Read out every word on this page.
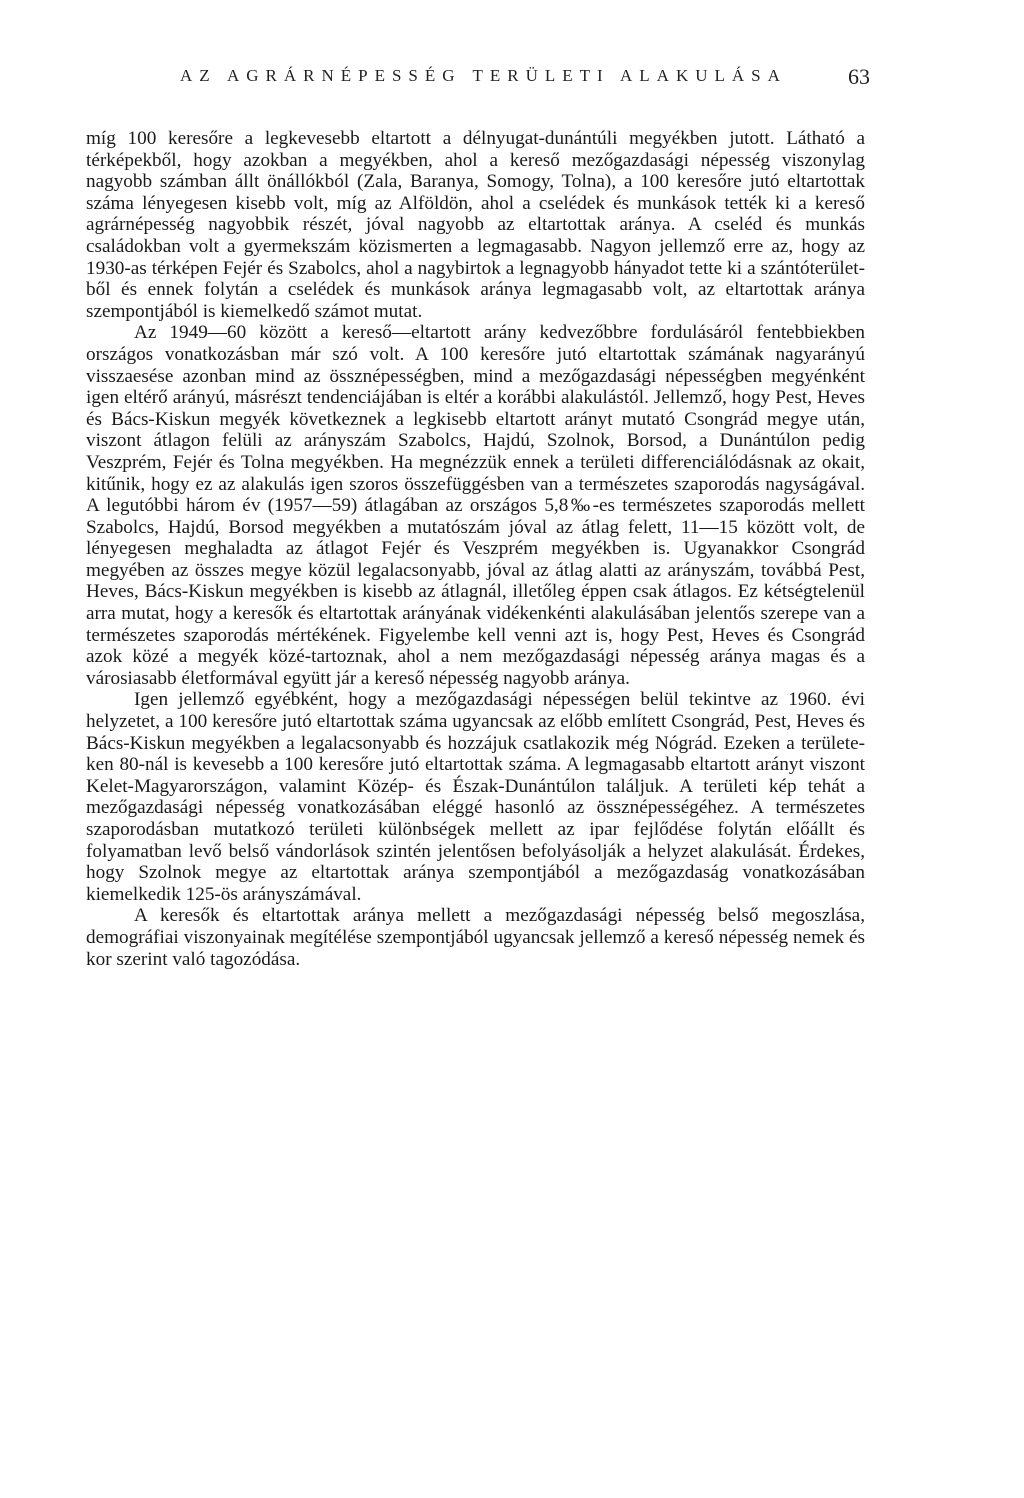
AZ AGRÁRNÉPESSÉG TERÜLETI ALAKULÁSA	63

míg 100 keresőre a legkevesebb eltartott a délnyugat-dunántúli megyékben jutott. Látható a térképekből, hogy azokban a megyékben, ahol a kereső mezőgazdasági népesség viszonylag nagyobb számban állt önállókból (Zala, Baranya, Somogy, Tolna), a 100 keresőre jutó eltartottak száma lényegesen kisebb volt, míg az Alföldön, ahol a cselédek és munkások tették ki a kereső agrárnépesség nagyobbik részét, jóval nagyobb az eltartottak aránya. A cseléd és munkás családokban volt a gyermekszám közismerten a legmagasabb. Nagyon jellemző erre az, hogy az 1930-as térképen Fejér és Szabolcs, ahol a nagybirtok a legnagyobb hányadot tette ki a szántóterületből és ennek folytán a cselédek és munkások aránya legmagasabb volt, az eltartottak aránya szempontjából is kiemelkedő számot mutat.

Az 1949—60 között a kereső—eltartott arány kedvezőbbre fordulásáról fentebbiekben országos vonatkozásban már szó volt. A 100 keresőre jutó eltartottak számának nagyarányú visszaesése azonban mind az össznépességben, mind a mezőgazdasági népességben megyénként igen eltérő arányú, másrészt tendenciájában is eltér a korábbi alakulástól. Jellemző, hogy Pest, Heves és Bács-Kiskun megyék következnek a legkisebb eltartott arányt mutató Csongrád megye után, viszont átlagon felüli az arányszám Szabolcs, Hajdú, Szolnok, Borsod, a Dunántúlon pedig Veszprém, Fejér és Tolna megyékben. Ha megnézzük ennek a területi differenciálódásnak az okait, kitűnik, hogy ez az alakulás igen szoros összefüggésben van a természetes szaporodás nagyságával. A legutóbbi három év (1957—59) átlagában az országos 5,8‰-es természetes szaporodás mellett Szabolcs, Hajdú, Borsod megyékben a mutatószám jóval az átlag felett, 11—15 között volt, de lényegesen meghaladta az átlagot Fejér és Veszprém megyékben is. Ugyanakkor Csongrád megyében az összes megye közül legalacsonyabb, jóval az átlag alatti az arányszám, továbbá Pest, Heves, Bács-Kiskun megyékben is kisebb az átlagnál, illetőleg éppen csak átlagos. Ez kétségtelenül arra mutat, hogy a keresők és eltartottak arányának vidékenkénti alakulásában jelentős szerepe van a természetes szaporodás mértékének. Figyelembe kell venni azt is, hogy Pest, Heves és Csongrád azok közé a megyék közé-tartoznak, ahol a nem mezőgazdasági népesség aránya magas és a városiasabb életformával együtt jár a kereső népesség nagyobb aránya.

Igen jellemző egyébként, hogy a mezőgazdasági népességen belül tekintve az 1960. évi helyzetet, a 100 keresőre jutó eltartottak száma ugyancsak az előbb említett Csongrád, Pest, Heves és Bács-Kiskun megyékben a legalacsonyabb és hozzájuk csatlakozik még Nógrád. Ezeken a területeken 80-nál is kevesebb a 100 keresőre jutó eltartottak száma. A legmagasabb eltartott arányt viszont Kelet-Magyarországon, valamint Közép- és Észak-Dunántúlon találjuk. A területi kép tehát a mezőgazdasági népesség vonatkozásában eléggé hasonló az össznépességéhez. A természetes szaporodásban mutatkozó területi különbségek mellett az ipar fejlődése folytán előállt és folyamatban levő belső vándorlások szintén jelentősen befolyásolják a helyzet alakulását. Érdekes, hogy Szolnok megye az eltartottak aránya szempontjából a mezőgazdaság vonatkozásában kiemelkedik 125-ös arányszámával.

A keresők és eltartottak aránya mellett a mezőgazdasági népesség belső megoszlása, demográfiai viszonyainak megítélése szempontjából ugyancsak jellemző a kereső népesség nemek és kor szerint való tagozódása.
